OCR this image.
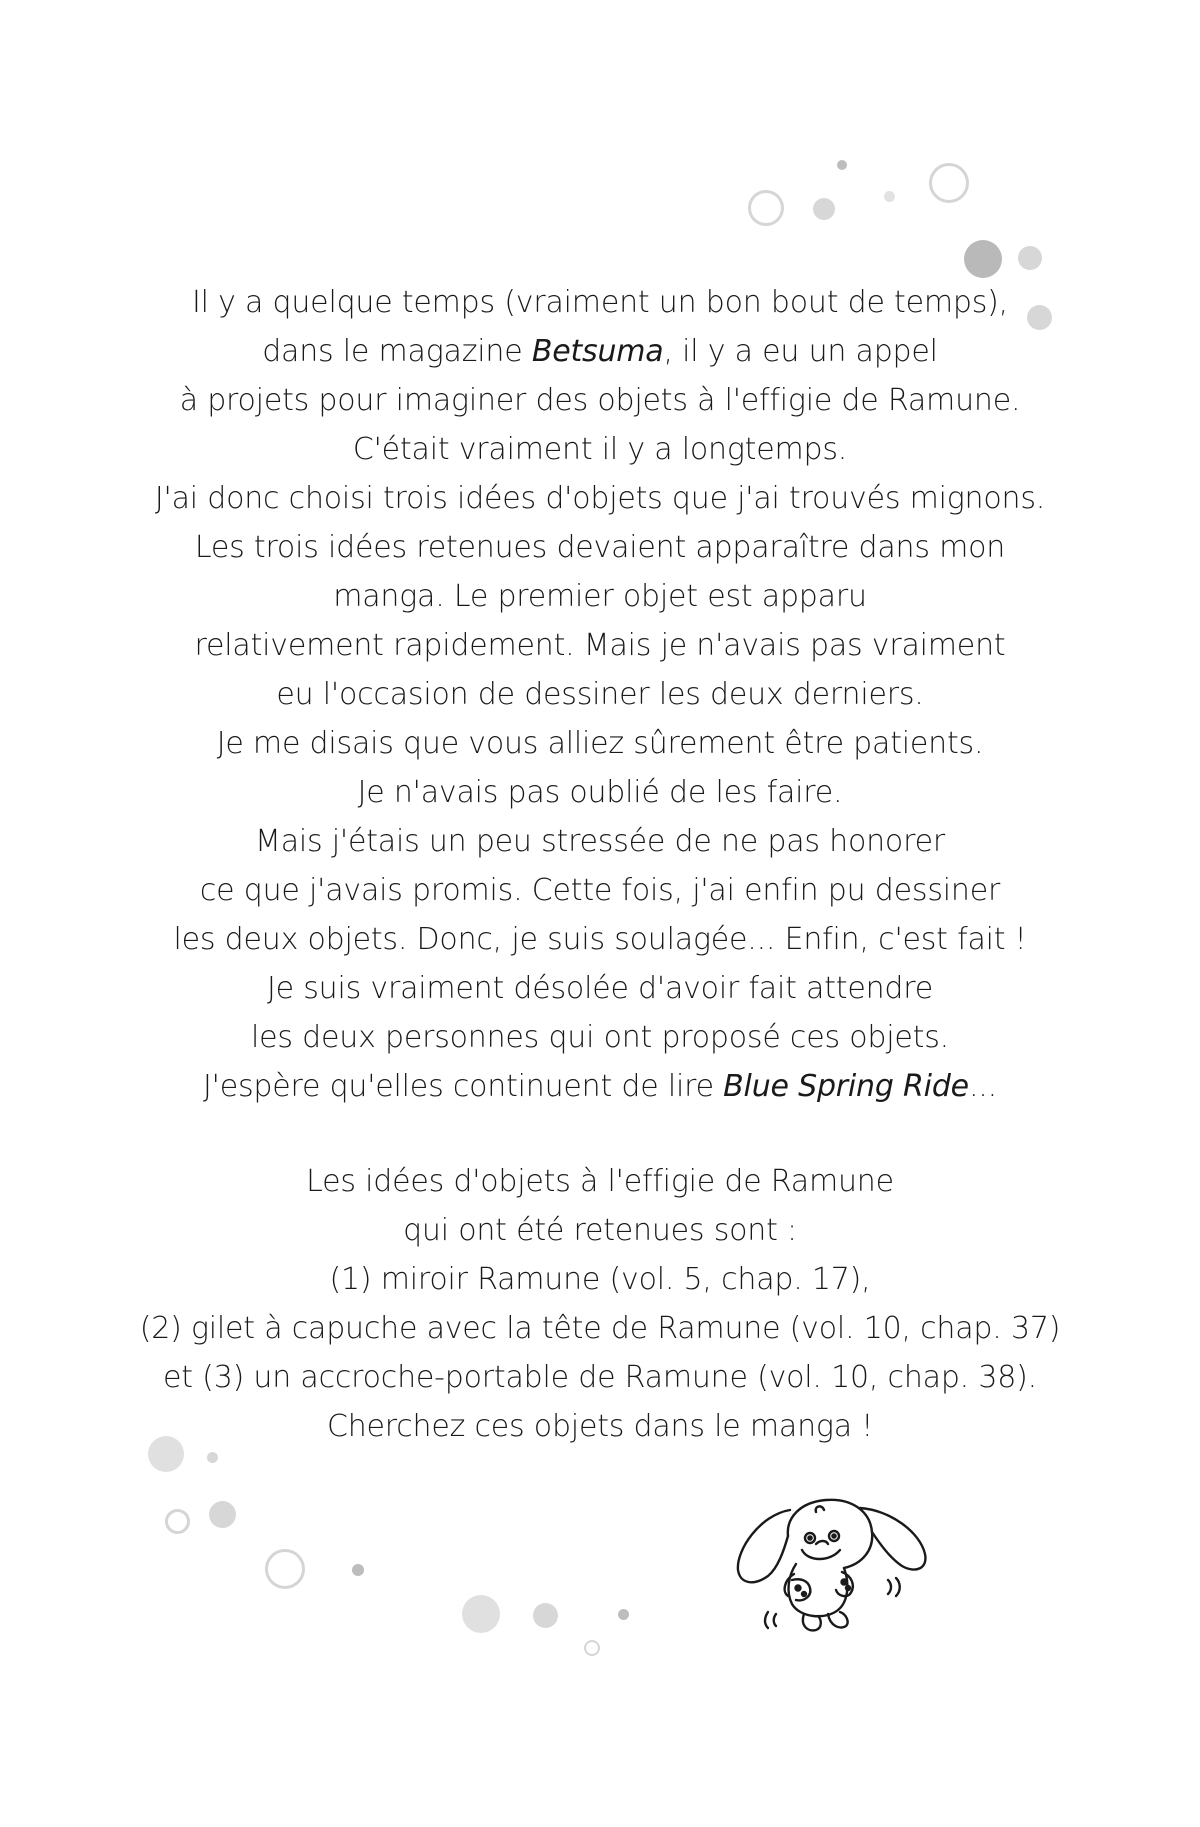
Il y a quelque temps (vraiment un bon bout de temps),
dans le magazine Betsuma, il y a eu un appel
à projets pour imaginer des objets à l'effigie de Ramune.
C'était vraiment il y a longtemps.
J'ai donc choisi trois idées d'objets que j'ai trouvés mignons.
Les trois idées retenues devaient apparaître dans mon
manga. Le premier objet est apparu
relativement rapidement. Mais je n'avais pas vraiment
eu l'occasion de dessiner les deux derniers.
Je me disais que vous alliez sûrement être patients.
Je n'avais pas oublié de les faire.
Mais j'étais un peu stressée de ne pas honorer
ce que j'avais promis. Cette fois, j'ai enfin pu dessiner
les deux objets. Donc, je suis soulagée... Enfin, c'est fait !
Je suis vraiment désolée d'avoir fait attendre
les deux personnes qui ont proposé ces objets.
J'espère qu'elles continuent de lire Blue Spring Ride...
Les idées d'objets à l'effigie de Ramune
qui ont été retenues sont :
(1) miroir Ramune (vol. 5, chap. 17),
(2) gilet à capuche avec la tête de Ramune (vol. 10, chap. 37)
et (3) un accroche-portable de Ramune (vol. 10, chap. 38).
Cherchez ces objets dans le manga !
